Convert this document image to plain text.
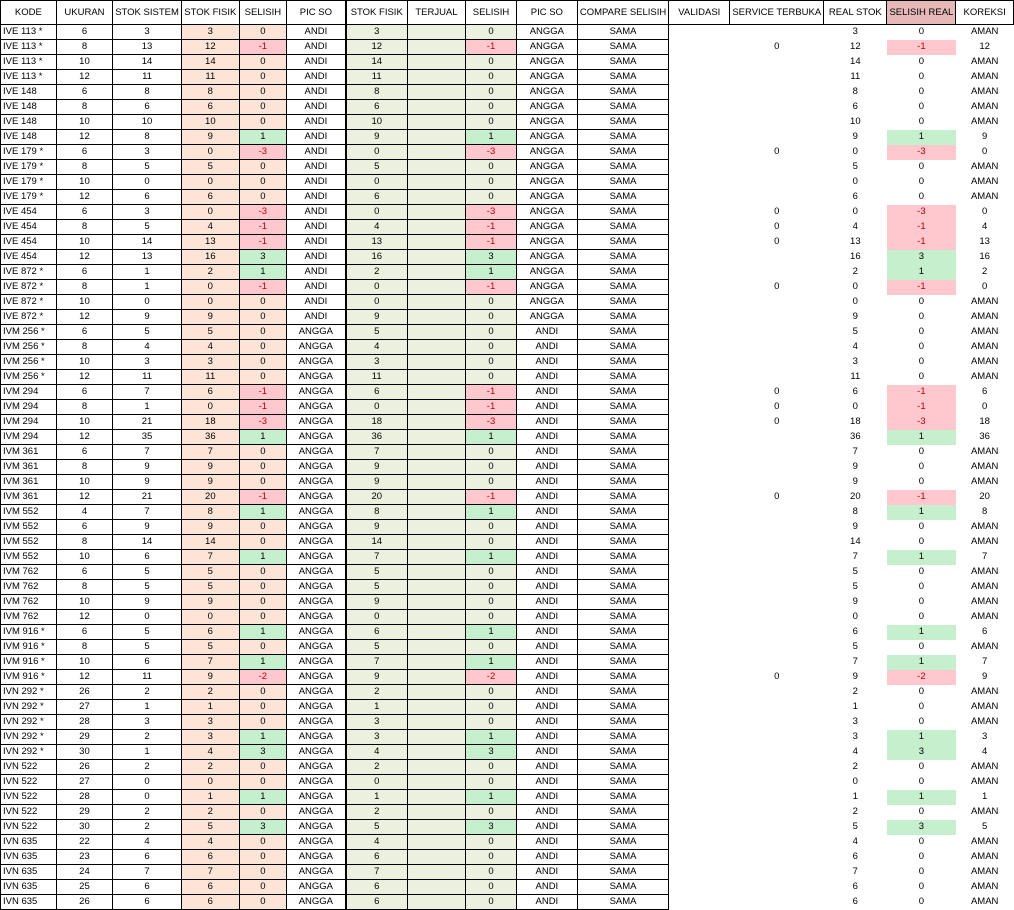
KODE	UKURAN	STOK SISTEM	STOK FISIK	SELISIH	PIC SO	STOK FISIK	TERJUAL	SELISIH	PIC SO	COMPARE SELISIH	VALIDASI	SERVICE TERBUKA	REAL STOK	SELISIH REAL	KOREKSI
IVE 113 *	6	3	3	0	ANDI	3		0	ANGGA	SAMA			3	0	AMAN
IVE 113 *	8	13	12	-1	ANDI	12		-1	ANGGA	SAMA		0	12	-1	12
IVE 113 *	10	14	14	0	ANDI	14		0	ANGGA	SAMA			14	0	AMAN
IVE 113 *	12	11	11	0	ANDI	11		0	ANGGA	SAMA			11	0	AMAN
IVE 148	6	8	8	0	ANDI	8		0	ANGGA	SAMA			8	0	AMAN
IVE 148	8	6	6	0	ANDI	6		0	ANGGA	SAMA			6	0	AMAN
IVE 148	10	10	10	0	ANDI	10		0	ANGGA	SAMA			10	0	AMAN
IVE 148	12	8	9	1	ANDI	9		1	ANGGA	SAMA			9	1	9
IVE 179 *	6	3	0	-3	ANDI	0		-3	ANGGA	SAMA		0	0	-3	0
IVE 179 *	8	5	5	0	ANDI	5		0	ANGGA	SAMA			5	0	AMAN
IVE 179 *	10	0	0	0	ANDI	0		0	ANGGA	SAMA			0	0	AMAN
IVE 179 *	12	6	6	0	ANDI	6		0	ANGGA	SAMA			6	0	AMAN
IVE 454	6	3	0	-3	ANDI	0		-3	ANGGA	SAMA		0	0	-3	0
IVE 454	8	5	4	-1	ANDI	4		-1	ANGGA	SAMA		0	4	-1	4
IVE 454	10	14	13	-1	ANDI	13		-1	ANGGA	SAMA		0	13	-1	13
IVE 454	12	13	16	3	ANDI	16		3	ANGGA	SAMA			16	3	16
IVE 872 *	6	1	2	1	ANDI	2		1	ANGGA	SAMA			2	1	2
IVE 872 *	8	1	0	-1	ANDI	0		-1	ANGGA	SAMA		0	0	-1	0
IVE 872 *	10	0	0	0	ANDI	0		0	ANGGA	SAMA			0	0	AMAN
IVE 872 *	12	9	9	0	ANDI	9		0	ANGGA	SAMA			9	0	AMAN
IVM 256 *	6	5	5	0	ANGGA	5		0	ANDI	SAMA			5	0	AMAN
IVM 256 *	8	4	4	0	ANGGA	4		0	ANDI	SAMA			4	0	AMAN
IVM 256 *	10	3	3	0	ANGGA	3		0	ANDI	SAMA			3	0	AMAN
IVM 256 *	12	11	11	0	ANGGA	11		0	ANDI	SAMA			11	0	AMAN
IVM 294	6	7	6	-1	ANGGA	6		-1	ANDI	SAMA		0	6	-1	6
IVM 294	8	1	0	-1	ANGGA	0		-1	ANDI	SAMA		0	0	-1	0
IVM 294	10	21	18	-3	ANGGA	18		-3	ANDI	SAMA		0	18	-3	18
IVM 294	12	35	36	1	ANGGA	36		1	ANDI	SAMA			36	1	36
IVM 361	6	7	7	0	ANGGA	7		0	ANDI	SAMA			7	0	AMAN
IVM 361	8	9	9	0	ANGGA	9		0	ANDI	SAMA			9	0	AMAN
IVM 361	10	9	9	0	ANGGA	9		0	ANDI	SAMA			9	0	AMAN
IVM 361	12	21	20	-1	ANGGA	20		-1	ANDI	SAMA		0	20	-1	20
IVM 552	4	7	8	1	ANGGA	8		1	ANDI	SAMA			8	1	8
IVM 552	6	9	9	0	ANGGA	9		0	ANDI	SAMA			9	0	AMAN
IVM 552	8	14	14	0	ANGGA	14		0	ANDI	SAMA			14	0	AMAN
IVM 552	10	6	7	1	ANGGA	7		1	ANDI	SAMA			7	1	7
IVM 762	6	5	5	0	ANGGA	5		0	ANDI	SAMA			5	0	AMAN
IVM 762	8	5	5	0	ANGGA	5		0	ANDI	SAMA			5	0	AMAN
IVM 762	10	9	9	0	ANGGA	9		0	ANDI	SAMA			9	0	AMAN
IVM 762	12	0	0	0	ANGGA	0		0	ANDI	SAMA			0	0	AMAN
IVM 916 *	6	5	6	1	ANGGA	6		1	ANDI	SAMA			6	1	6
IVM 916 *	8	5	5	0	ANGGA	5		0	ANDI	SAMA			5	0	AMAN
IVM 916 *	10	6	7	1	ANGGA	7		1	ANDI	SAMA			7	1	7
IVM 916 *	12	11	9	-2	ANGGA	9		-2	ANDI	SAMA		0	9	-2	9
IVN 292 *	26	2	2	0	ANGGA	2		0	ANDI	SAMA			2	0	AMAN
IVN 292 *	27	1	1	0	ANGGA	1		0	ANDI	SAMA			1	0	AMAN
IVN 292 *	28	3	3	0	ANGGA	3		0	ANDI	SAMA			3	0	AMAN
IVN 292 *	29	2	3	1	ANGGA	3		1	ANDI	SAMA			3	1	3
IVN 292 *	30	1	4	3	ANGGA	4		3	ANDI	SAMA			4	3	4
IVN 522	26	2	2	0	ANGGA	2		0	ANDI	SAMA			2	0	AMAN
IVN 522	27	0	0	0	ANGGA	0		0	ANDI	SAMA			0	0	AMAN
IVN 522	28	0	1	1	ANGGA	1		1	ANDI	SAMA			1	1	1
IVN 522	29	2	2	0	ANGGA	2		0	ANDI	SAMA			2	0	AMAN
IVN 522	30	2	5	3	ANGGA	5		3	ANDI	SAMA			5	3	5
IVN 635	22	4	4	0	ANGGA	4		0	ANDI	SAMA			4	0	AMAN
IVN 635	23	6	6	0	ANGGA	6		0	ANDI	SAMA			6	0	AMAN
IVN 635	24	7	7	0	ANGGA	7		0	ANDI	SAMA			7	0	AMAN
IVN 635	25	6	6	0	ANGGA	6		0	ANDI	SAMA			6	0	AMAN
IVN 635	26	6	6	0	ANGGA	6		0	ANDI	SAMA			6	0	AMAN
